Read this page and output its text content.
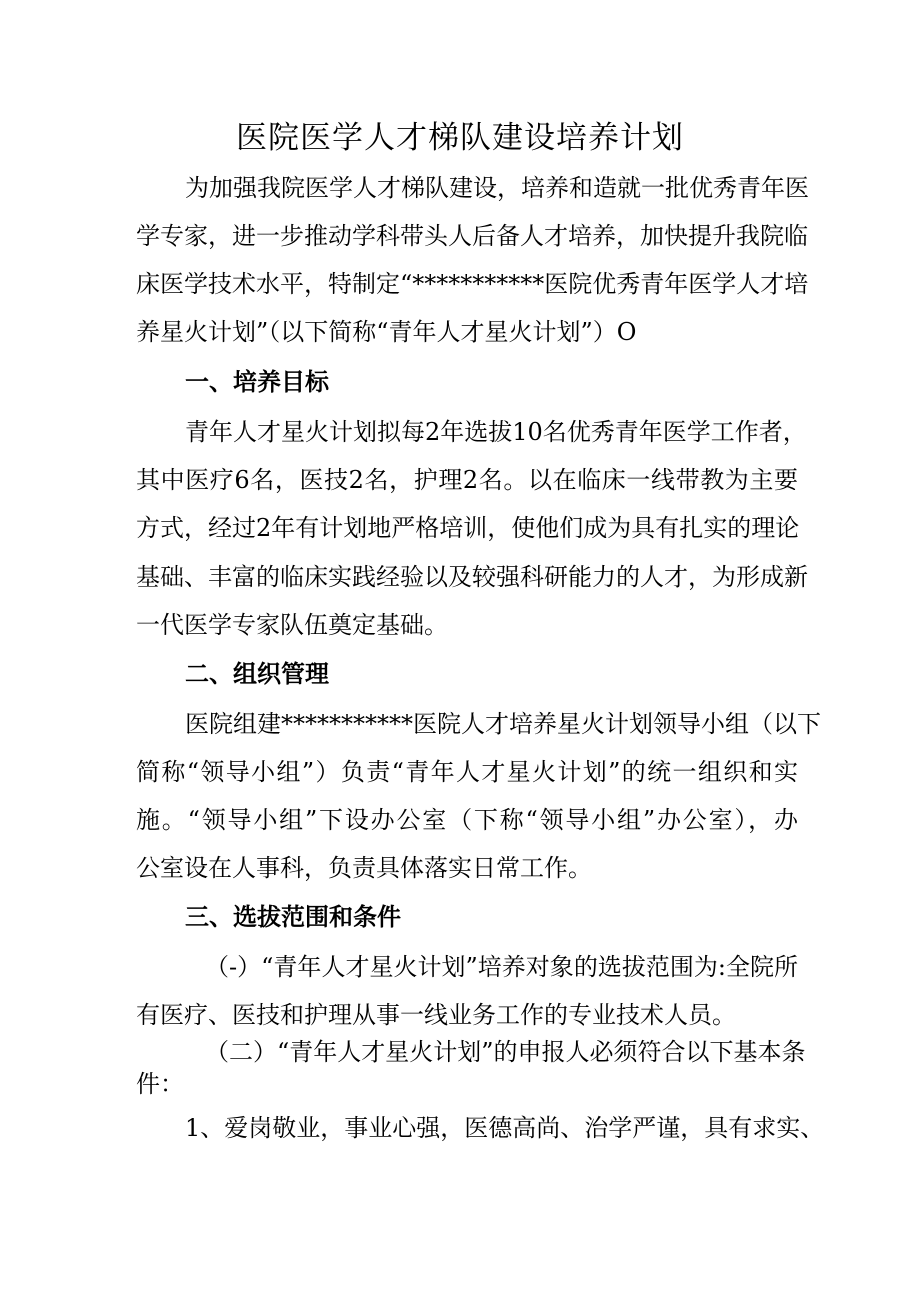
医院医学人才梯队建设培养计划
为加强我院医学人才梯队建设，培养和造就一批优秀青年医
学专家，进一步推动学科带头人后备人才培养，加快提升我院临
床医学技术水平，特制定“***********医院优秀青年医学人才培
养星火计划”（以下简称“青年人才星火计划”）O
一、培养目标
青年人才星火计划拟每2年选拔10名优秀青年医学工作者，
其中医疗6名，医技2名，护理2名。以在临床一线带教为主要
方式，经过2年有计划地严格培训，使他们成为具有扎实的理论
基础、丰富的临床实践经验以及较强科研能力的人才，为形成新
一代医学专家队伍奠定基础。
二、组织管理
医院组建***********医院人才培养星火计划领导小组（以下
简称“领导小组”）负责“青年人才星火计划”的统一组织和实
施。“领导小组”下设办公室（下称“领导小组”办公室），办
公室设在人事科，负责具体落实日常工作。
三、选拔范围和条件
（-）“青年人才星火计划”培养对象的选拔范围为:全院所
有医疗、医技和护理从事一线业务工作的专业技术人员。
（二）“青年人才星火计划”的申报人必须符合以下基本条
件：
1、爱岗敬业，事业心强，医德高尚、治学严谨，具有求实、
